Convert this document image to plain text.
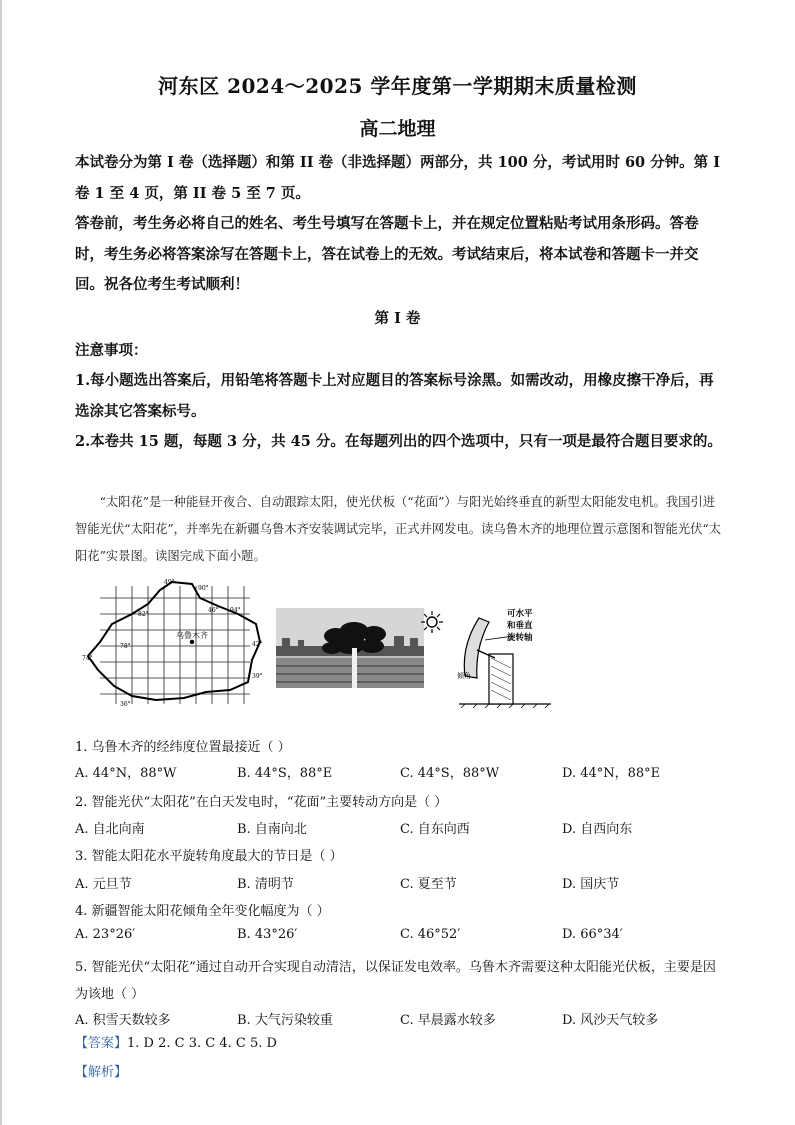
河东区 2024～2025 学年度第一学期期末质量检测
高二地理
本试卷分为第 I 卷（选择题）和第 II 卷（非选择题）两部分，共 100 分，考试用时 60 分钟。第 I 卷 1 至 4 页，第 II 卷 5 至 7 页。
答卷前，考生务必将自己的姓名、考生号填写在答题卡上，并在规定位置粘贴考试用条形码。答卷时，考生务必将答案涂写在答题卡上，答在试卷上的无效。考试结束后，将本试卷和答题卡一并交回。祝各位考生考试顺利！
第 I 卷
注意事项：
1.每小题选出答案后，用铅笔将答题卡上对应题目的答案标号涂黑。如需改动，用橡皮擦干净后，再选涂其它答案标号。
2.本卷共 15 题，每题 3 分，共 45 分。在每题列出的四个选项中，只有一项是最符合题目要求的。
“太阳花”是一种能昼开夜合、自动跟踪太阳，使光伏板（“花面”）与阳光始终垂直的新型太阳能发电机。我国引进智能光伏“太阳花”，并率先在新疆乌鲁木齐安装调试完毕，正式并网发电。读乌鲁木齐的地理位置示意图和智能光伏“太阳花”实景图。读图完成下面小题。
乌鲁木齐
49°
90°
46° 94°
82°
78°
74°
42°
39°
36°
可水平
和垂直
旋转轴
倾角
1. 乌鲁木齐的经纬度位置最接近（ ）
A. 44°N，88°W	B. 44°S，88°E	C. 44°S，88°W	D. 44°N，88°E
2. 智能光伏“太阳花”在白天发电时，“花面”主要转动方向是（ ）
A. 自北向南	B. 自南向北	C. 自东向西	D. 自西向东
3. 智能太阳花水平旋转角度最大的节日是（ ）
A. 元旦节	B. 清明节	C. 夏至节	D. 国庆节
4. 新疆智能太阳花倾角全年变化幅度为（ ）
A. 23°26′	B. 43°26′	C. 46°52′	D. 66°34′
5. 智能光伏“太阳花”通过自动开合实现自动清洁，以保证发电效率。乌鲁木齐需要这种太阳能光伏板，主要是因为该地（ ）
A. 积雪天数较多	B. 大气污染较重	C. 早晨露水较多	D. 风沙天气较多
【答案】1. D 2. C 3. C 4. C 5. D
【解析】
